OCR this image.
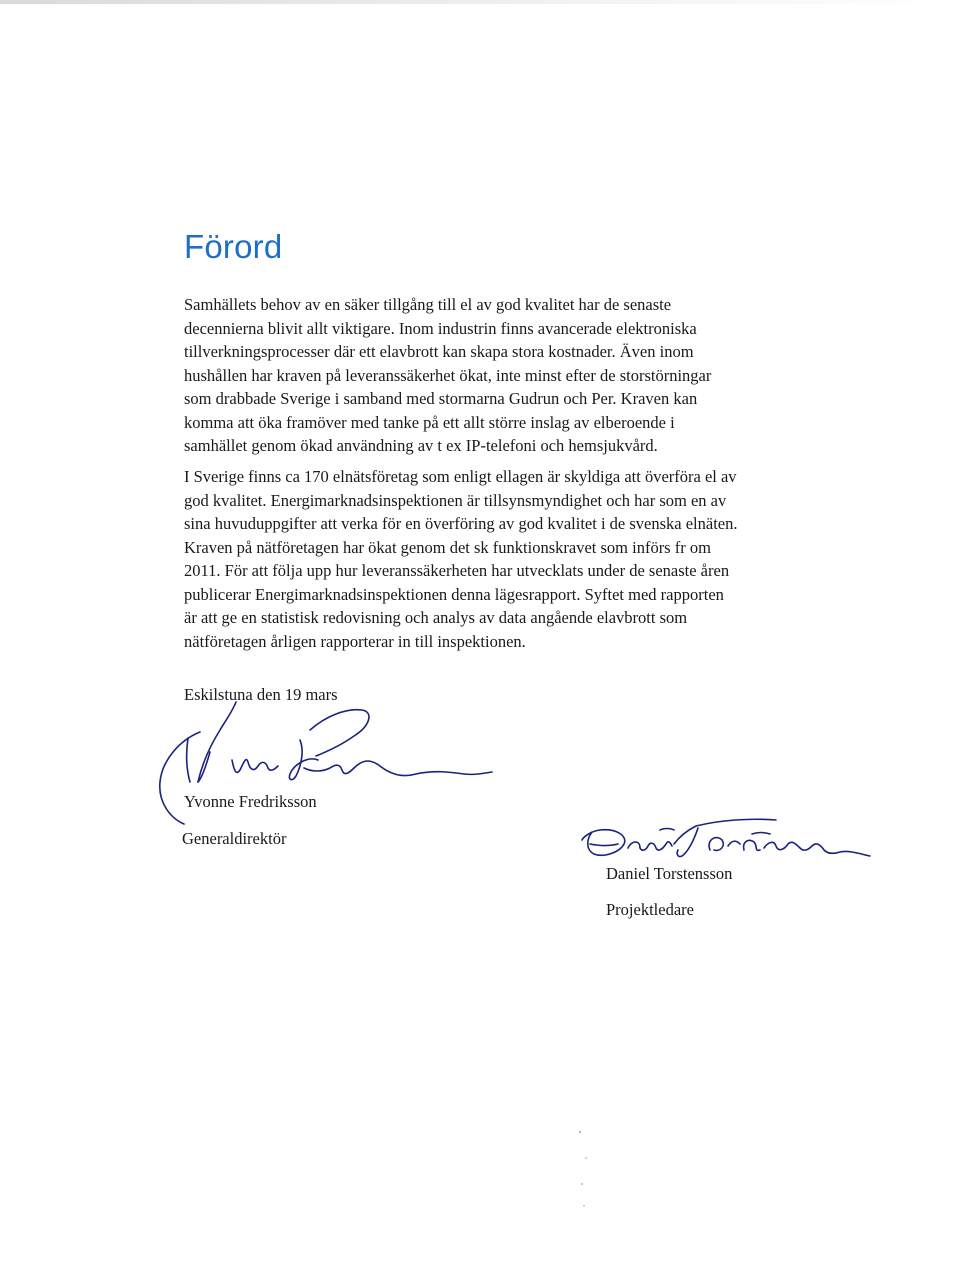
Förord
Samhällets behov av en säker tillgång till el av god kvalitet har de senaste
decennierna blivit allt viktigare. Inom industrin finns avancerade elektroniska
tillverkningsprocesser där ett elavbrott kan skapa stora kostnader. Även inom
hushållen har kraven på leveranssäkerhet ökat, inte minst efter de storstörningar
som drabbade Sverige i samband med stormarna Gudrun och Per. Kraven kan
komma att öka framöver med tanke på ett allt större inslag av elberoende i
samhället genom ökad användning av t ex IP-telefoni och hemsjukvård.
I Sverige finns ca 170 elnätsföretag som enligt ellagen är skyldiga att överföra el av
god kvalitet. Energimarknadsinspektionen är tillsynsmyndighet och har som en av
sina huvuduppgifter att verka för en överföring av god kvalitet i de svenska elnäten.
Kraven på nätföretagen har ökat genom det sk funktionskravet som införs fr om
2011. För att följa upp hur leveranssäkerheten har utvecklats under de senaste åren
publicerar Energimarknadsinspektionen denna lägesrapport. Syftet med rapporten
är att ge en statistisk redovisning och analys av data angående elavbrott som
nätföretagen årligen rapporterar in till inspektionen.
Eskilstuna den 19 mars
Yvonne Fredriksson
Generaldirektör
Daniel Torstensson
Projektledare
